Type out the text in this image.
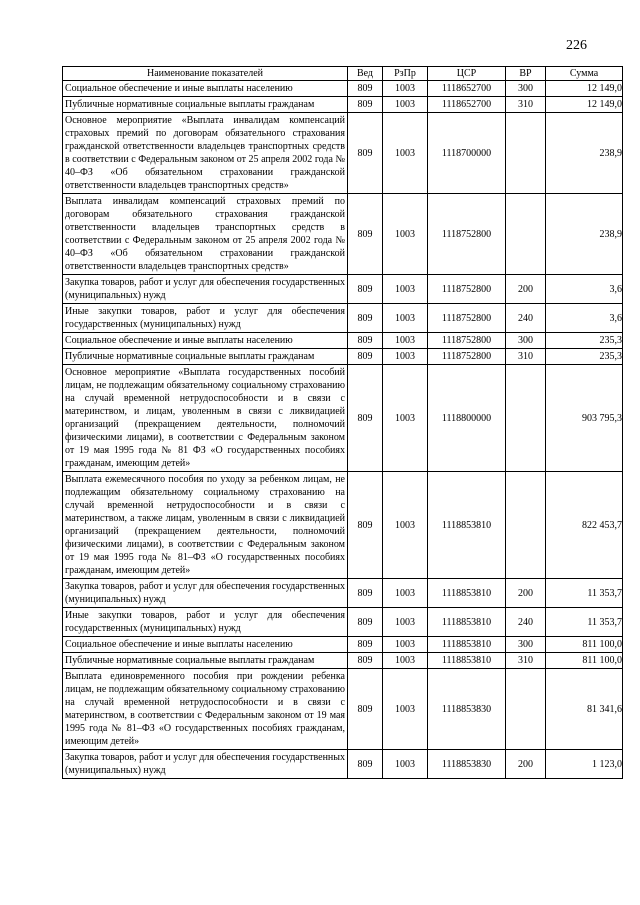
226
Наименование показателей	Вед	РзПр	ЦСР	ВР	Сумма
Социальное обеспечение и иные выплаты населению	809	1003	1118652700	300	12 149,0
Публичные нормативные социальные выплаты гражданам	809	1003	1118652700	310	12 149,0
Основное мероприятие «Выплата инвалидам компенсаций страховых премий по договорам обязательного страхования гражданской ответственности владельцев транспортных средств в соответствии с Федеральным законом от 25 апреля 2002 года № 40–ФЗ «Об обязательном страховании гражданской ответственности владельцев транспортных средств»	809	1003	1118700000		238,9
Выплата инвалидам компенсаций страховых премий по договорам обязательного страхования гражданской ответственности владельцев транспортных средств в соответствии с Федеральным законом от 25 апреля 2002 года № 40–ФЗ «Об обязательном страховании гражданской ответственности владельцев транспортных средств»	809	1003	1118752800		238,9
Закупка товаров, работ и услуг для обеспечения государственных (муниципальных) нужд	809	1003	1118752800	200	3,6
Иные закупки товаров, работ и услуг для обеспечения государственных (муниципальных) нужд	809	1003	1118752800	240	3,6
Социальное обеспечение и иные выплаты населению	809	1003	1118752800	300	235,3
Публичные нормативные социальные выплаты гражданам	809	1003	1118752800	310	235,3
Основное мероприятие «Выплата государственных пособий лицам, не подлежащим обязательному социальному страхованию на случай временной нетрудоспособности и в связи с материнством, и лицам, уволенным в связи с ликвидацией организаций (прекращением деятельности, полномочий физическими лицами), в соответствии с Федеральным законом от 19 мая 1995 года № 81 ФЗ «О государственных пособиях гражданам, имеющим детей»	809	1003	1118800000		903 795,3
Выплата ежемесячного пособия по уходу за ребенком лицам, не подлежащим обязательному социальному страхованию на случай временной нетрудоспособности и в связи с материнством, а также лицам, уволенным в связи с ликвидацией организаций (прекращением деятельности, полномочий физическими лицами), в соответствии с Федеральным законом от 19 мая 1995 года № 81–ФЗ «О государственных пособиях гражданам, имеющим детей»	809	1003	1118853810		822 453,7
Закупка товаров, работ и услуг для обеспечения государственных (муниципальных) нужд	809	1003	1118853810	200	11 353,7
Иные закупки товаров, работ и услуг для обеспечения государственных (муниципальных) нужд	809	1003	1118853810	240	11 353,7
Социальное обеспечение и иные выплаты населению	809	1003	1118853810	300	811 100,0
Публичные нормативные социальные выплаты гражданам	809	1003	1118853810	310	811 100,0
Выплата единовременного пособия при рождении ребенка лицам, не подлежащим обязательному социальному страхованию на случай временной нетрудоспособности и в связи с материнством, в соответствии с Федеральным законом от 19 мая 1995 года № 81–ФЗ «О государственных пособиях гражданам, имеющим детей»	809	1003	1118853830		81 341,6
Закупка товаров, работ и услуг для обеспечения государственных (муниципальных) нужд	809	1003	1118853830	200	1 123,0
